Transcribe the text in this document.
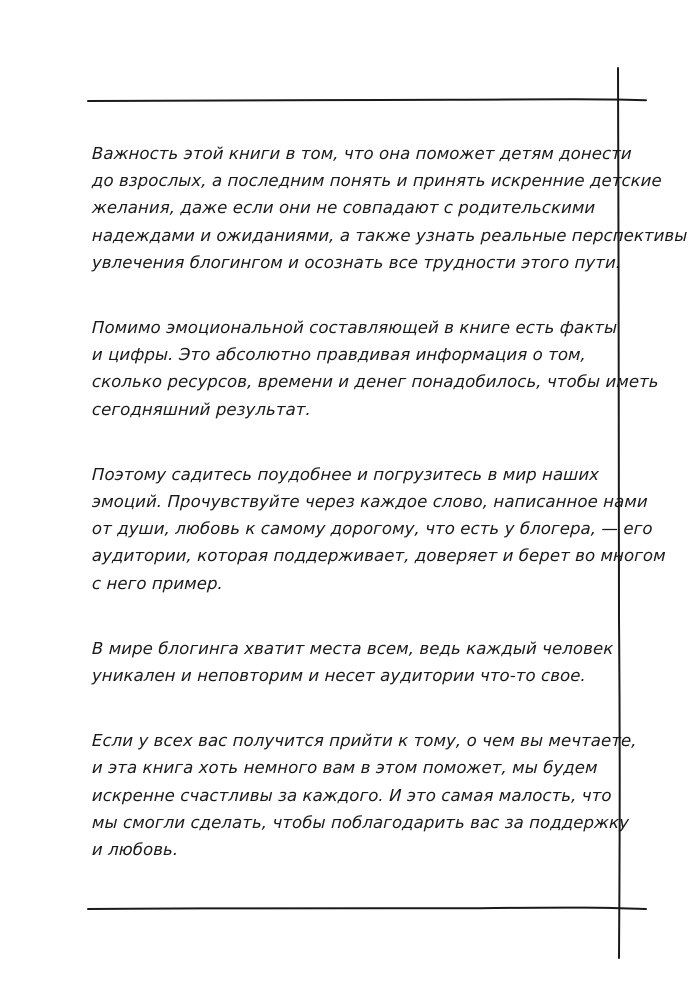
Важность этой книги в том, что она поможет детям донести
до взрослых, а последним понять и принять искренние детские
желания, даже если они не совпадают с родительскими
надеждами и ожиданиями, а также узнать реальные перспективы
увлечения блогингом и осознать все трудности этого пути.

Помимо эмоциональной составляющей в книге есть факты
и цифры. Это абсолютно правдивая информация о том,
сколько ресурсов, времени и денег понадобилось, чтобы иметь
сегодняшний результат.

Поэтому садитесь поудобнее и погрузитесь в мир наших
эмоций. Прочувствуйте через каждое слово, написанное нами
от души, любовь к самому дорогому, что есть у блогера, — его
аудитории, которая поддерживает, доверяет и берет во многом
с него пример.

В мире блогинга хватит места всем, ведь каждый человек
уникален и неповторим и несет аудитории что-то свое.

Если у всех вас получится прийти к тому, о чем вы мечтаете,
и эта книга хоть немного вам в этом поможет, мы будем
искренне счастливы за каждого. И это самая малость, что
мы смогли сделать, чтобы поблагодарить вас за поддержку
и любовь.
